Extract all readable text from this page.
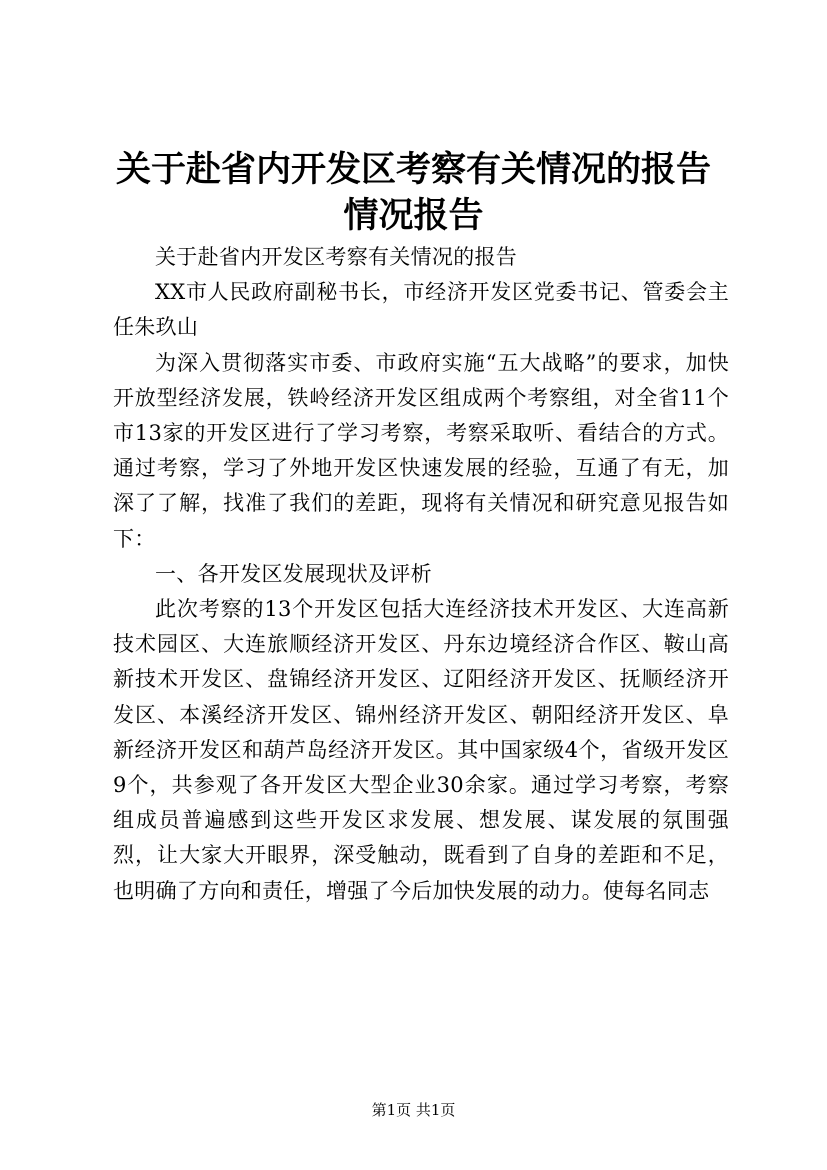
关于赴省内开发区考察有关情况的报告情况报告

关于赴省内开发区考察有关情况的报告

XX市人民政府副秘书长，市经济开发区党委书记、管委会主任朱玖山

为深入贯彻落实市委、市政府实施“五大战略”的要求，加快开放型经济发展，铁岭经济开发区组成两个考察组，对全省11个市13家的开发区进行了学习考察，考察采取听、看结合的方式。通过考察，学习了外地开发区快速发展的经验，互通了有无，加深了了解，找准了我们的差距，现将有关情况和研究意见报告如下：

一、各开发区发展现状及评析

此次考察的13个开发区包括大连经济技术开发区、大连高新技术园区、大连旅顺经济开发区、丹东边境经济合作区、鞍山高新技术开发区、盘锦经济开发区、辽阳经济开发区、抚顺经济开发区、本溪经济开发区、锦州经济开发区、朝阳经济开发区、阜新经济开发区和葫芦岛经济开发区。其中国家级4个，省级开发区9个，共参观了各开发区大型企业30余家。通过学习考察，考察组成员普遍感到这些开发区求发展、想发展、谋发展的氛围强烈，让大家大开眼界，深受触动，既看到了自身的差距和不足，也明确了方向和责任，增强了今后加快发展的动力。使每名同志

第1页 共1页
